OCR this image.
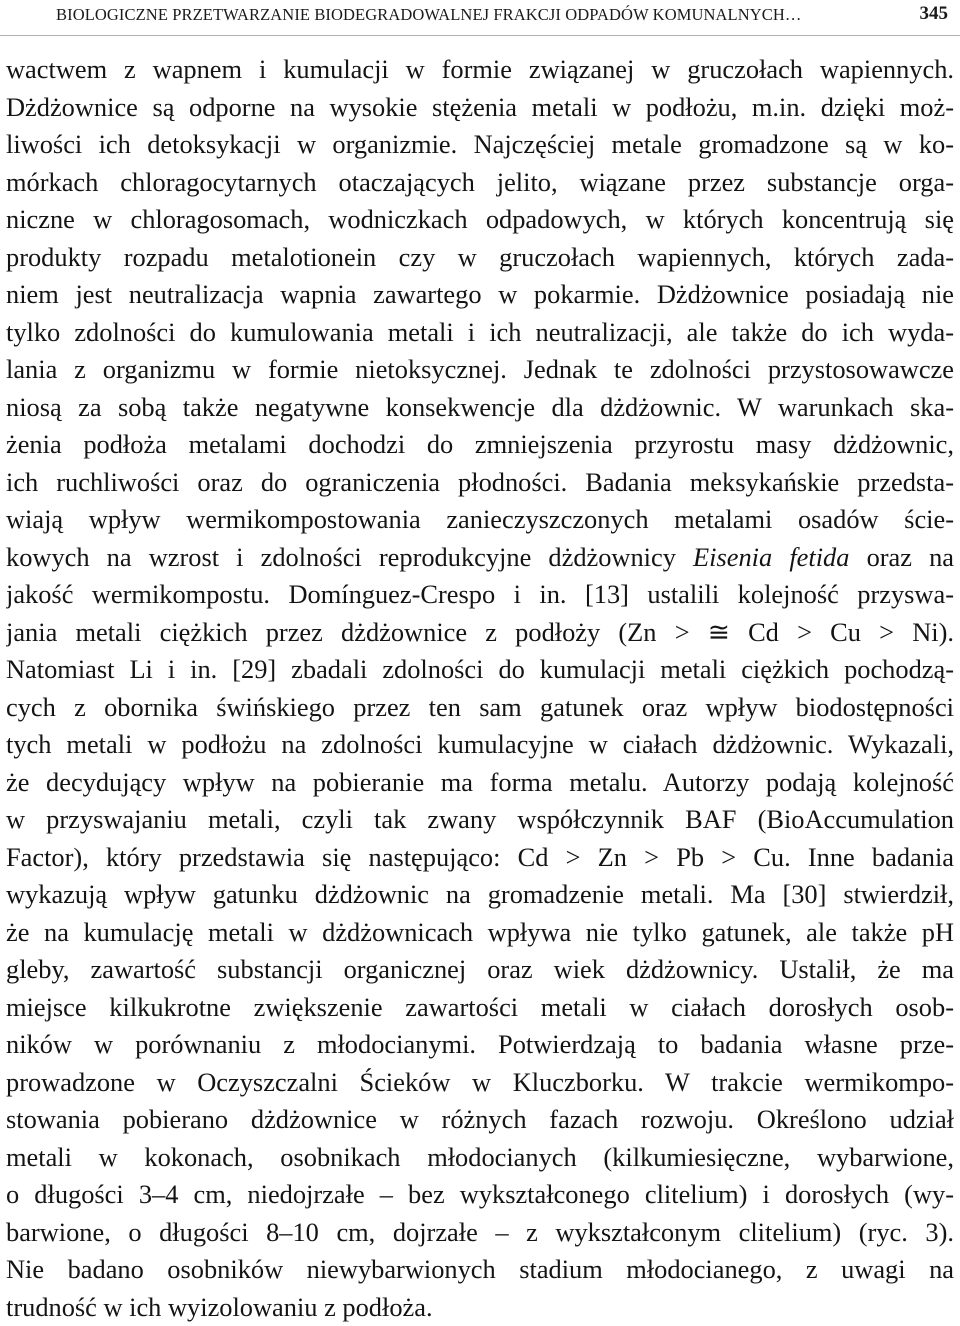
BIOLOGICZNE PRZETWARZANIE BIODEGRADOWALNEJ FRAKCJI ODPADÓW KOMUNALNYCH…	345
wactwem z wapnem i kumulacji w formie związanej w gruczołach wapiennych.
Dżdżownice są odporne na wysokie stężenia metali w podłożu, m.in. dzięki moż-
liwości ich detoksykacji w organizmie. Najczęściej metale gromadzone są w ko-
mórkach chloragocytarnych otaczających jelito, wiązane przez substancje orga-
niczne w chloragosomach, wodniczkach odpadowych, w których koncentrują się
produkty rozpadu metalotionein czy w gruczołach wapiennych, których zada-
niem jest neutralizacja wapnia zawartego w pokarmie. Dżdżownice posiadają nie
tylko zdolności do kumulowania metali i ich neutralizacji, ale także do ich wyda-
lania z organizmu w formie nietoksycznej. Jednak te zdolności przystosowawcze
niosą za sobą także negatywne konsekwencje dla dżdżownic. W warunkach ska-
żenia podłoża metalami dochodzi do zmniejszenia przyrostu masy dżdżownic,
ich ruchliwości oraz do ograniczenia płodności. Badania meksykańskie przedsta-
wiają wpływ wermikompostowania zanieczyszczonych metalami osadów ście-
kowych na wzrost i zdolności reprodukcyjne dżdżownicy Eisenia fetida oraz na
jakość wermikompostu. Domínguez-Crespo i in. [13] ustalili kolejność przyswa-
jania metali ciężkich przez dżdżownice z podłoży (Zn > ≅ Cd > Cu > Ni).
Natomiast Li i in. [29] zbadali zdolności do kumulacji metali ciężkich pochodzą-
cych z obornika świńskiego przez ten sam gatunek oraz wpływ biodostępności
tych metali w podłożu na zdolności kumulacyjne w ciałach dżdżownic. Wykazali,
że decydujący wpływ na pobieranie ma forma metalu. Autorzy podają kolejność
w przyswajaniu metali, czyli tak zwany współczynnik BAF (BioAccumulation
Factor), który przedstawia się następująco: Cd > Zn > Pb > Cu. Inne badania
wykazują wpływ gatunku dżdżownic na gromadzenie metali. Ma [30] stwierdził,
że na kumulację metali w dżdżownicach wpływa nie tylko gatunek, ale także pH
gleby, zawartość substancji organicznej oraz wiek dżdżownicy. Ustalił, że ma
miejsce kilkukrotne zwiększenie zawartości metali w ciałach dorosłych osob-
ników w porównaniu z młodocianymi. Potwierdzają to badania własne prze-
prowadzone w Oczyszczalni Ścieków w Kluczborku. W trakcie wermikompo-
stowania pobierano dżdżownice w różnych fazach rozwoju. Określono udział
metali w kokonach, osobnikach młodocianych (kilkumiesięczne, wybarwione,
o długości 3–4 cm, niedojrzałe – bez wykształconego clitelium) i dorosłych (wy-
barwione, o długości 8–10 cm, dojrzałe – z wykształconym clitelium) (ryc. 3).
Nie badano osobników niewybarwionych stadium młodocianego, z uwagi na
trudność w ich wyizolowaniu z podłoża.
